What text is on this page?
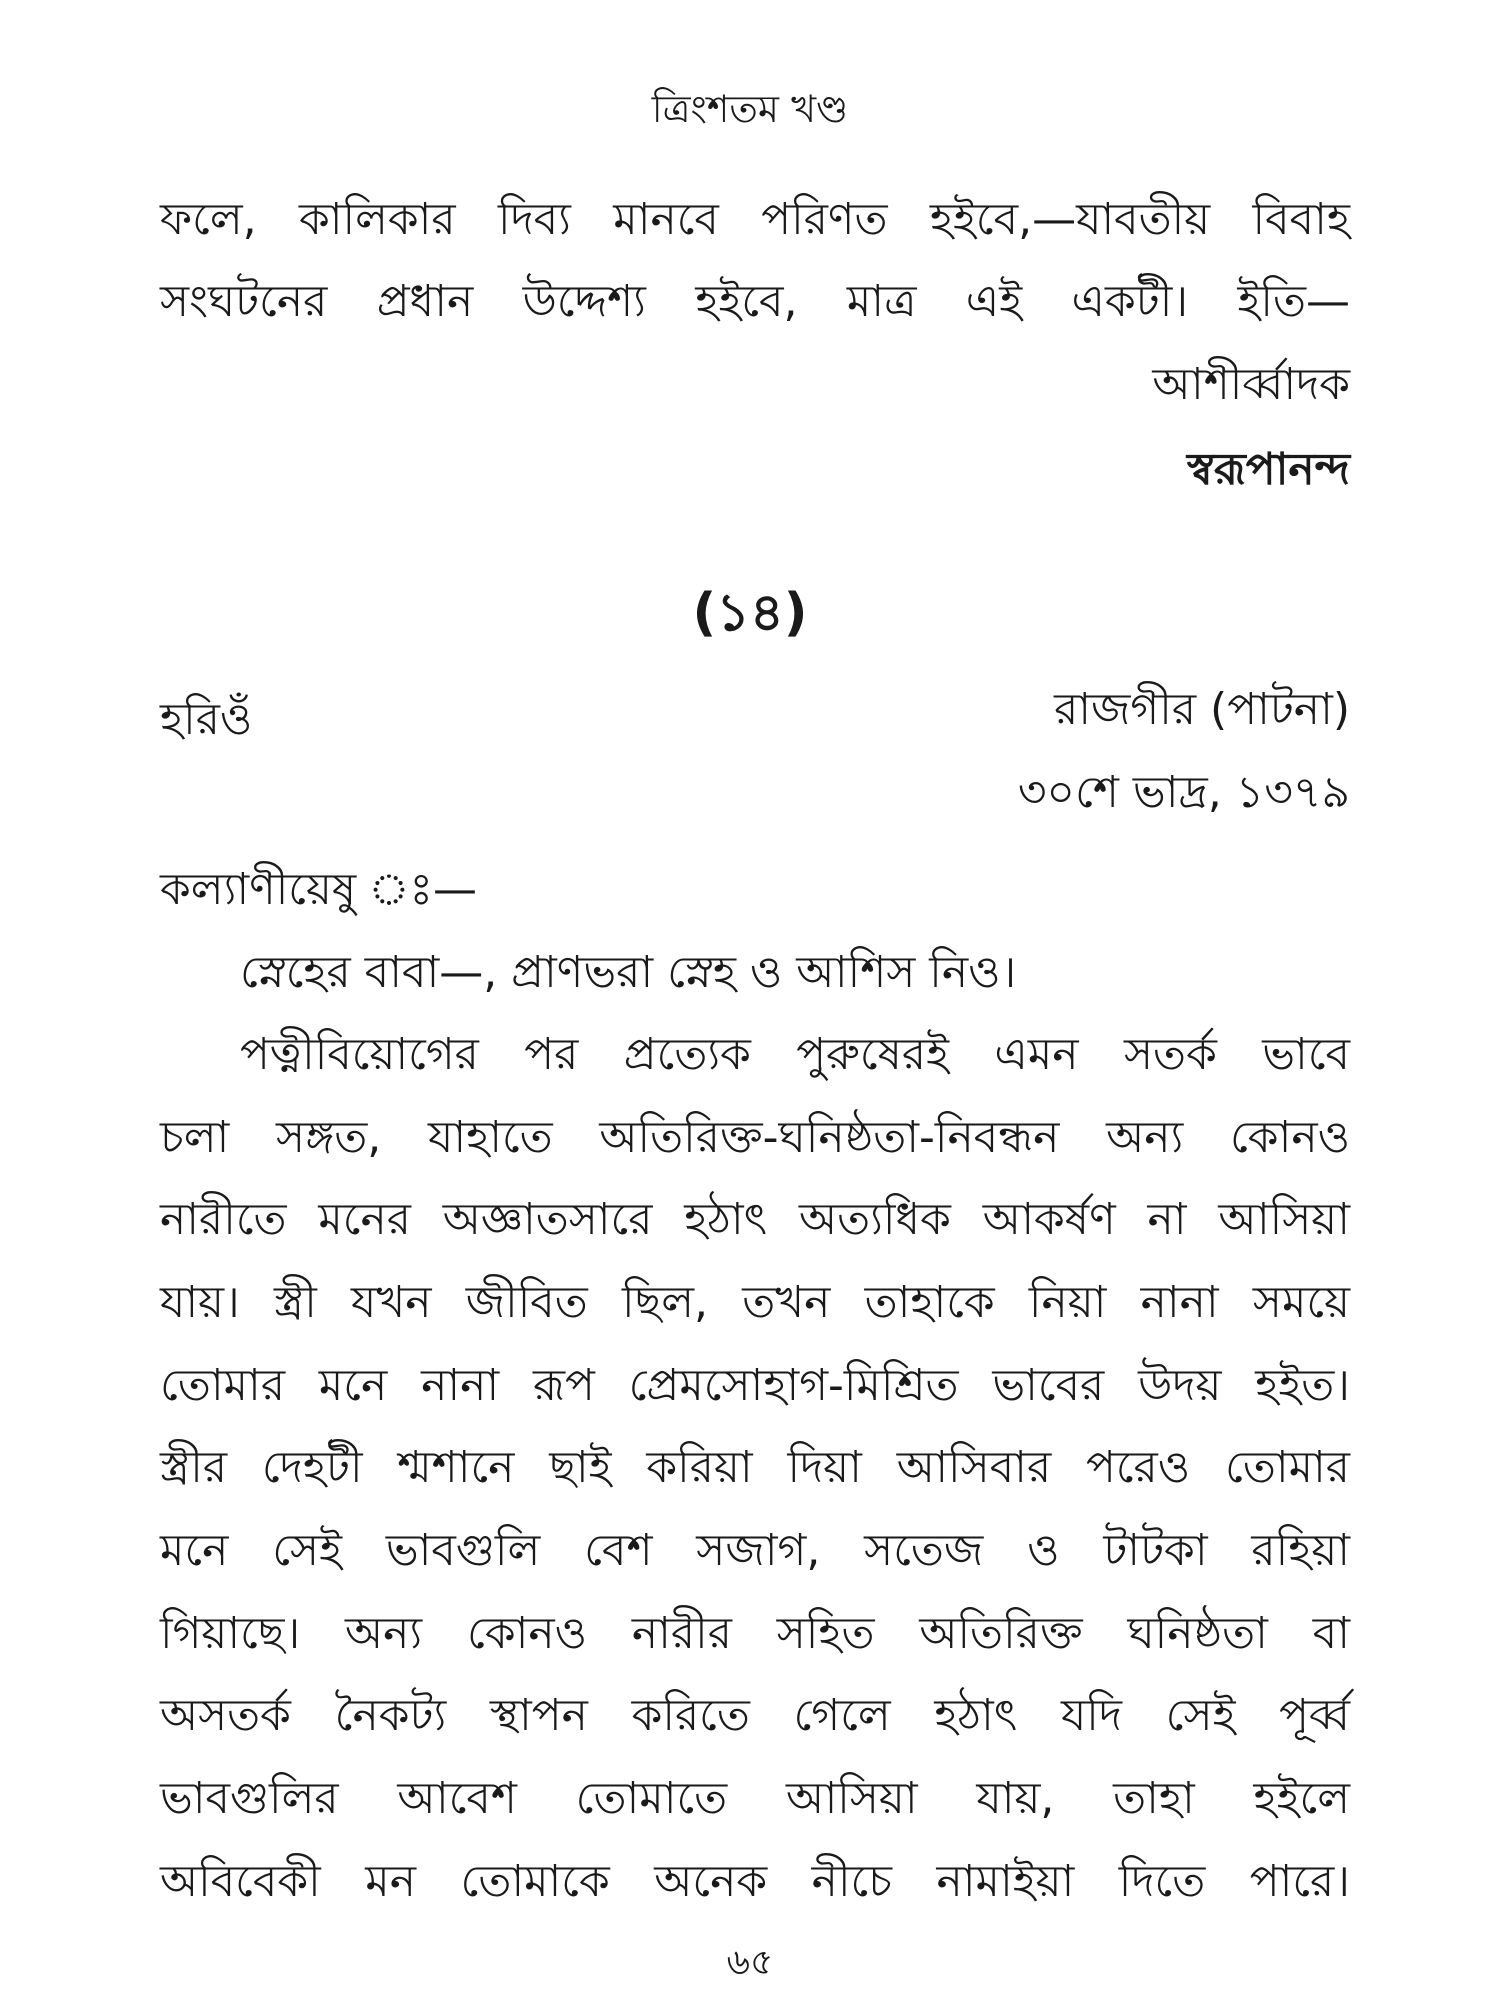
ত্রিংশতম খণ্ড
ফলে, কালিকার দিব্য মানবে পরিণত হইবে,—যাবতীয় বিবাহ
সংঘটনের প্রধান উদ্দেশ্য হইবে, মাত্র এই একটী। ইতি—
আশীর্ব্বাদক
স্বরূপানন্দ
(১৪)
হরিওঁ	রাজগীর (পাটনা)
৩০শে ভাদ্র, ১৩৭৯
কল্যাণীয়েষু ঃ—
স্নেহের বাবা—, প্রাণভরা স্নেহ ও আশিস নিও।
পত্নীবিয়োগের পর প্রত্যেক পুরুষেরই এমন সতর্ক ভাবে
চলা সঙ্গত, যাহাতে অতিরিক্ত-ঘনিষ্ঠতা-নিবন্ধন অন্য কোনও
নারীতে মনের অজ্ঞাতসারে হঠাৎ অত্যধিক আকর্ষণ না আসিয়া
যায়। স্ত্রী যখন জীবিত ছিল, তখন তাহাকে নিয়া নানা সময়ে
তোমার মনে নানা রূপ প্রেমসোহাগ-মিশ্রিত ভাবের উদয় হইত।
স্ত্রীর দেহটী শ্মশানে ছাই করিয়া দিয়া আসিবার পরেও তোমার
মনে সেই ভাবগুলি বেশ সজাগ, সতেজ ও টাটকা রহিয়া
গিয়াছে। অন্য কোনও নারীর সহিত অতিরিক্ত ঘনিষ্ঠতা বা
অসতর্ক নৈকট্য স্থাপন করিতে গেলে হঠাৎ যদি সেই পূর্ব্ব
ভাবগুলির আবেশ তোমাতে আসিয়া যায়, তাহা হইলে
অবিবেকী মন তোমাকে অনেক নীচে নামাইয়া দিতে পারে।
৬৫
